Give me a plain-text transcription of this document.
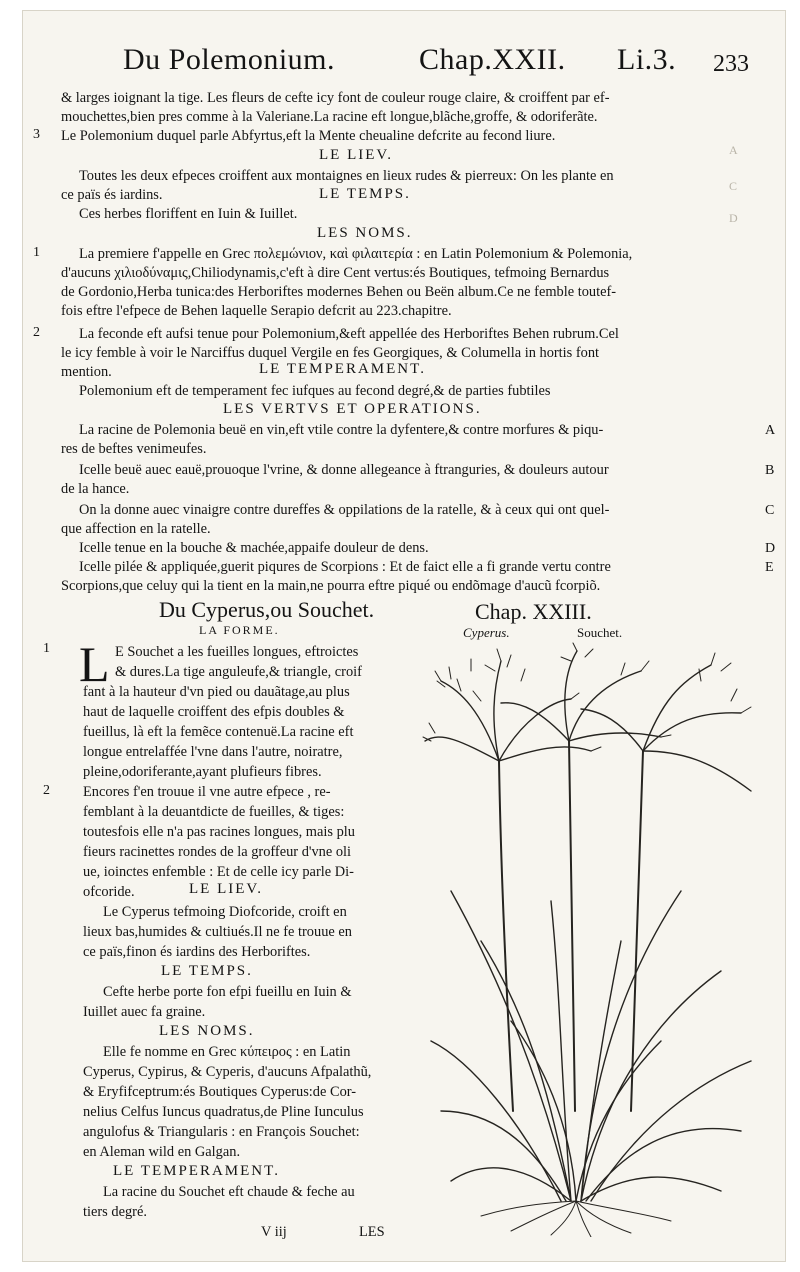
A
C
D
Du Polemonium.	Chap.XXII. Li.3. 233
& larges ioignant la tige. Les fleurs de cefte icy font de couleur rouge claire, & croiffent par ef-
mouchettes,bien pres comme à la Valeriane.La racine eft longue,blãche,groffe, & odoriferãte.
3 Le Polemonium duquel parle Abfyrtus,eft la Mente cheualine defcrite au fecond liure.
LE LIEV.
Toutes les deux efpeces croiffent aux montaignes en lieux rudes & pierreux: On les plante en
ce païs és iardins.	LE TEMPS.
Ces herbes floriffent en Iuin & Iuillet.
LES NOMS.
1	La premiere f'appelle en Grec πολεμώνιον, καὶ φιλαιτερία : en Latin Polemonium & Polemonia,
d'aucuns χιλιοδύναμις,Chiliodynamis,c'eft à dire Cent vertus:és Boutiques, tefmoing Bernardus
de Gordonio,Herba tunica:des Herboriftes modernes Behen ou Beën album.Ce ne femble toutef-
fois eftre l'efpece de Behen laquelle Serapio defcrit au 223.chapitre.
2	La feconde eft aufsi tenue pour Polemonium,&eft appellée des Herboriftes Behen rubrum.Cel
le icy femble à voir le Narciffus duquel Vergile en fes Georgiques, & Columella in hortis font
mention.	LE TEMPERAMENT.
Polemonium eft de temperament fec iufques au fecond degré,& de parties fubtiles
LES VERTVS ET OPERATIONS.
La racine de Polemonia beuë en vin,eft vtile contre la dyfentere,& contre morfures & piqu-
res de beftes venimeufes.
Icelle beuë auec eauë,prouoque l'vrine, & donne allegeance à ftranguries, & douleurs autour
de la hance.
On la donne auec vinaigre contre dureffes & oppilations de la ratelle, & à ceux qui ont quel-
que affection en la ratelle.
Icelle tenue en la bouche & machée,appaife douleur de dens.
Icelle pilée & appliquée,guerit piqures de Scorpions : Et de faict elle a fi grande vertu contre
Scorpions,que celuy qui la tient en la main,ne pourra eftre piqué ou endõmage d'aucũ fcorpiõ.
A
B
C
D
E
Du Cyperus,ou Souchet.	Chap. XXIII.
LA FORME.	Cyperus.	Souchet.
1 L E Souchet a les fueilles longues, eftroictes
& dures.La tige anguleufe,& triangle, croif
fant à la hauteur d'vn pied ou dauãtage,au plus
haut de laquelle croiffent des efpis doubles &
fueillus, là eft la femẽce contenuë.La racine eft
longue entrelaffée l'vne dans l'autre, noiratre,
pleine,odoriferante,ayant plufieurs fibres.
2 Encores f'en trouue il vne autre efpece , re-
femblant à la deuantdicte de fueilles, & tiges:
toutesfois elle n'a pas racines longues, mais plu
fieurs racinettes rondes de la groffeur d'vne oli
ue, ioinctes enfemble : Et de celle icy parle Di-
ofcoride.	LE LIEV.
Le Cyperus tefmoing Diofcoride, croift en
lieux bas,humides & cultiués.Il ne fe trouue en
ce païs,finon és iardins des Herboriftes.
LE TEMPS.
Cefte herbe porte fon efpi fueillu en Iuin &
Iuillet auec fa graine.
LES NOMS.
Elle fe nomme en Grec κύπειρος : en Latin
Cyperus, Cypirus, & Cyperis, d'aucuns Afpalathũ,
& Eryfifceptrum:és Boutiques Cyperus:de Cor-
nelius Celfus Iuncus quadratus,de Pline Iunculus
angulofus & Triangularis : en François Souchet:
en Aleman wild en Galgan.
LE TEMPERAMENT.
La racine du Souchet eft chaude & feche au
tiers degré.
V iij	LES
